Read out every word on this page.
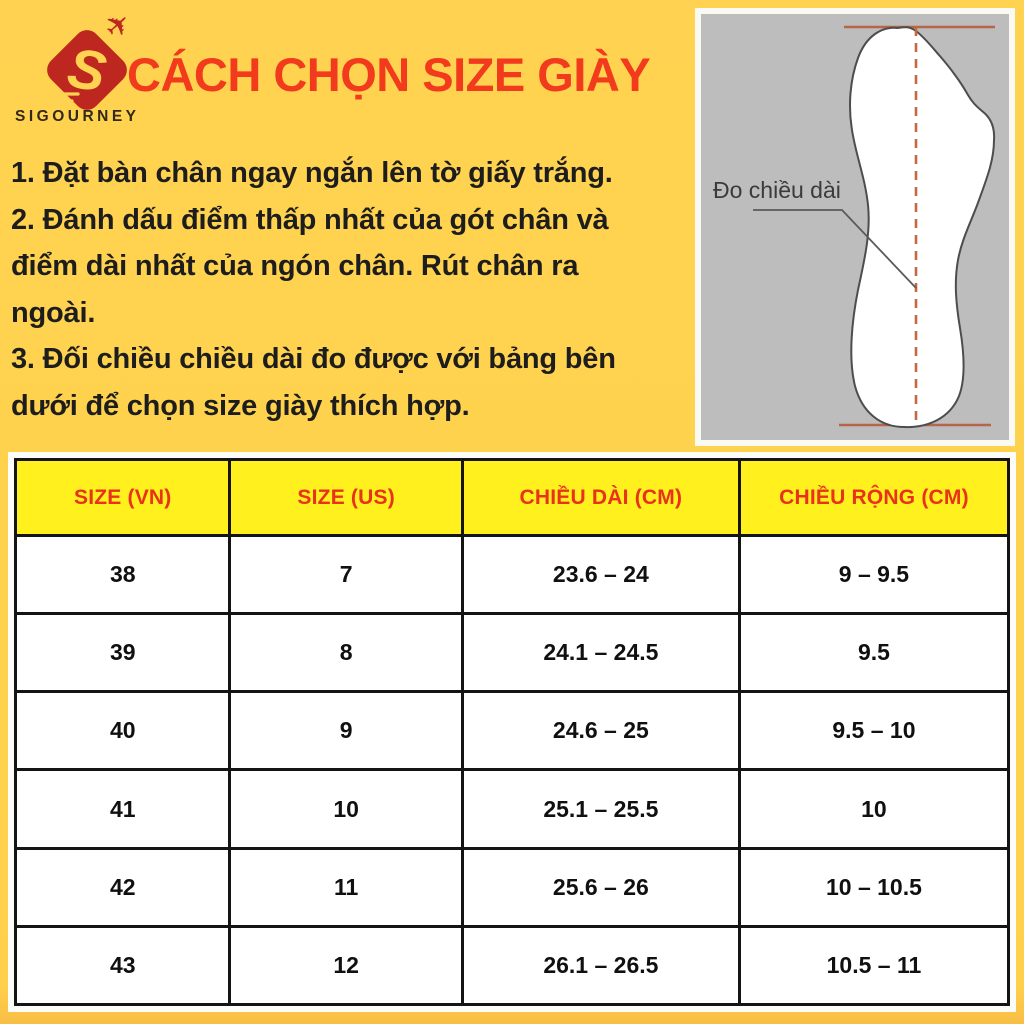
S
✈
SIGOURNEY
CÁCH CHỌN SIZE GIÀY
1. Đặt bàn chân ngay ngắn lên tờ giấy trắng.
2. Đánh dấu điểm thấp nhất của gót chân và
điểm dài nhất của ngón chân. Rút chân ra
ngoài.
3. Đối chiều chiều dài đo được với bảng bên
dưới để chọn size giày thích hợp.
Đo chiều dài
SIZE (VN)	SIZE (US)	CHIỀU DÀI (CM)	CHIỀU RỘNG (CM)
38	7	23.6 – 24	9 – 9.5
39	8	24.1 – 24.5	9.5
40	9	24.6 – 25	9.5 – 10
41	10	25.1 – 25.5	10
42	11	25.6 – 26	10 – 10.5
43	12	26.1 – 26.5	10.5 – 11
